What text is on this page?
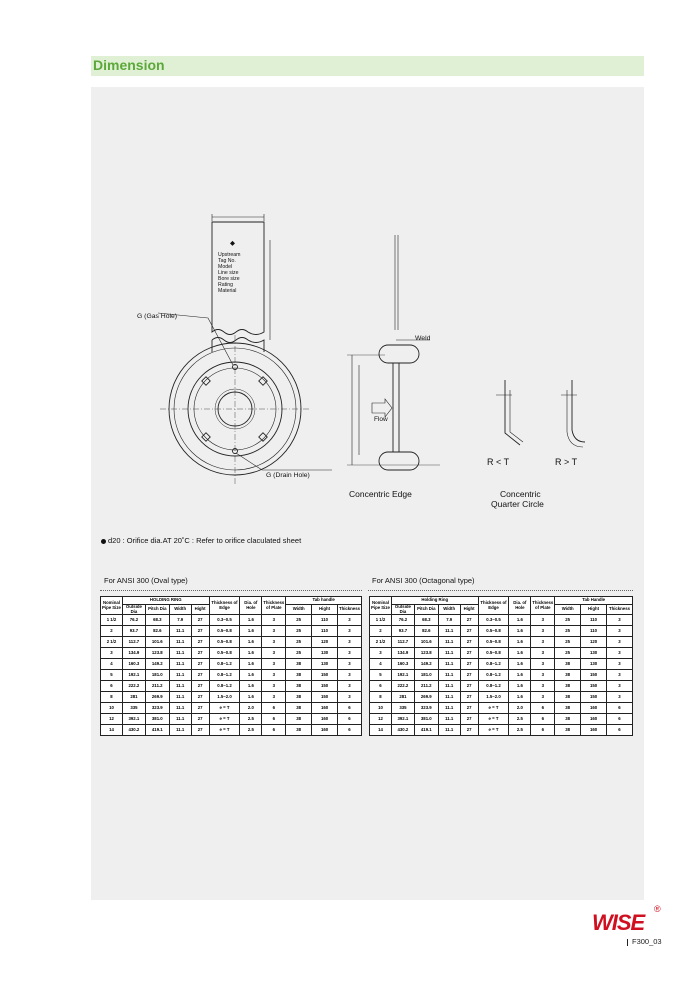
Dimension
◆
Upstream
Tag No.
Model
Line size
Bore size
Rating
Material
G (Gas Hole)
G (Drain Hole)
Weld
Flow
Concentric Edge	Concentric
Quarter Circle
R < T	R > T
d20 : Orifice dia.AT 20˚C : Refer to orifice claculated sheet
For ANSI 300 (Oval type)	For ANSI 300 (Octagonal type)
Nominal Pipe Size	HOLDING RING				Thickness of Edge	Dia. of Hole	Thickness of Plate	Tab handle		
	Outside Dia	Pitch Dia	Width	Hight				Width	Hight	Thickness
1 1/2	76.2	68.3	7.9	27	0.3~0.5	1.6	3	25	110	3
2	93.7	82.6	11.1	27	0.5~0.8	1.6	3	25	110	3
2 1/2	112.7	101.6	11.1	27	0.5~0.8	1.6	3	25	120	3
3	134.9	123.8	11.1	27	0.5~0.8	1.6	3	25	130	3
4	160.3	149.2	11.1	27	0.8~1.2	1.6	3	38	130	3
5	192.1	181.0	11.1	27	0.8~1.2	1.6	3	38	150	3
6	222.2	211.2	11.1	27	0.8~1.2	1.6	3	38	150	3
8	281	269.9	11.1	27	1.5~2.0	1.6	3	38	150	3
10	335	323.9	11.1	27	e = T	2.0	6	38	160	6
12	392.1	381.0	11.1	27	e = T	2.5	6	38	160	6
14	430.2	419.1	11.1	27	e = T	2.5	6	38	160	6
Nominal Pipe Size	Holding Ring				Thickness of Edge	Dia. of Hole	Thickness of Plate	Tab Handle		
	Outside Dia	Pitch Dia	Width	Hight				Width	Hight	Thickness
1 1/2	76.2	68.3	7.9	27	0.3~0.5	1.6	3	25	110	3
2	93.7	82.6	11.1	27	0.5~0.8	1.6	3	25	110	3
2 1/2	112.7	101.6	11.1	27	0.5~0.8	1.6	3	25	120	3
3	134.9	123.8	11.1	27	0.5~0.8	1.6	3	25	130	3
4	160.3	149.2	11.1	27	0.8~1.2	1.6	3	38	130	3
5	192.1	181.0	11.1	27	0.8~1.2	1.6	3	38	150	3
6	222.2	211.2	11.1	27	0.8~1.2	1.6	3	38	150	3
8	281	269.9	11.1	27	1.5~2.0	1.6	3	38	150	3
10	335	323.9	11.1	27	e = T	2.0	6	38	160	6
12	392.1	381.0	11.1	27	e = T	2.5	6	38	160	6
14	430.2	419.1	11.1	27	e = T	2.5	6	38	160	6
WISE
®
F300_03
